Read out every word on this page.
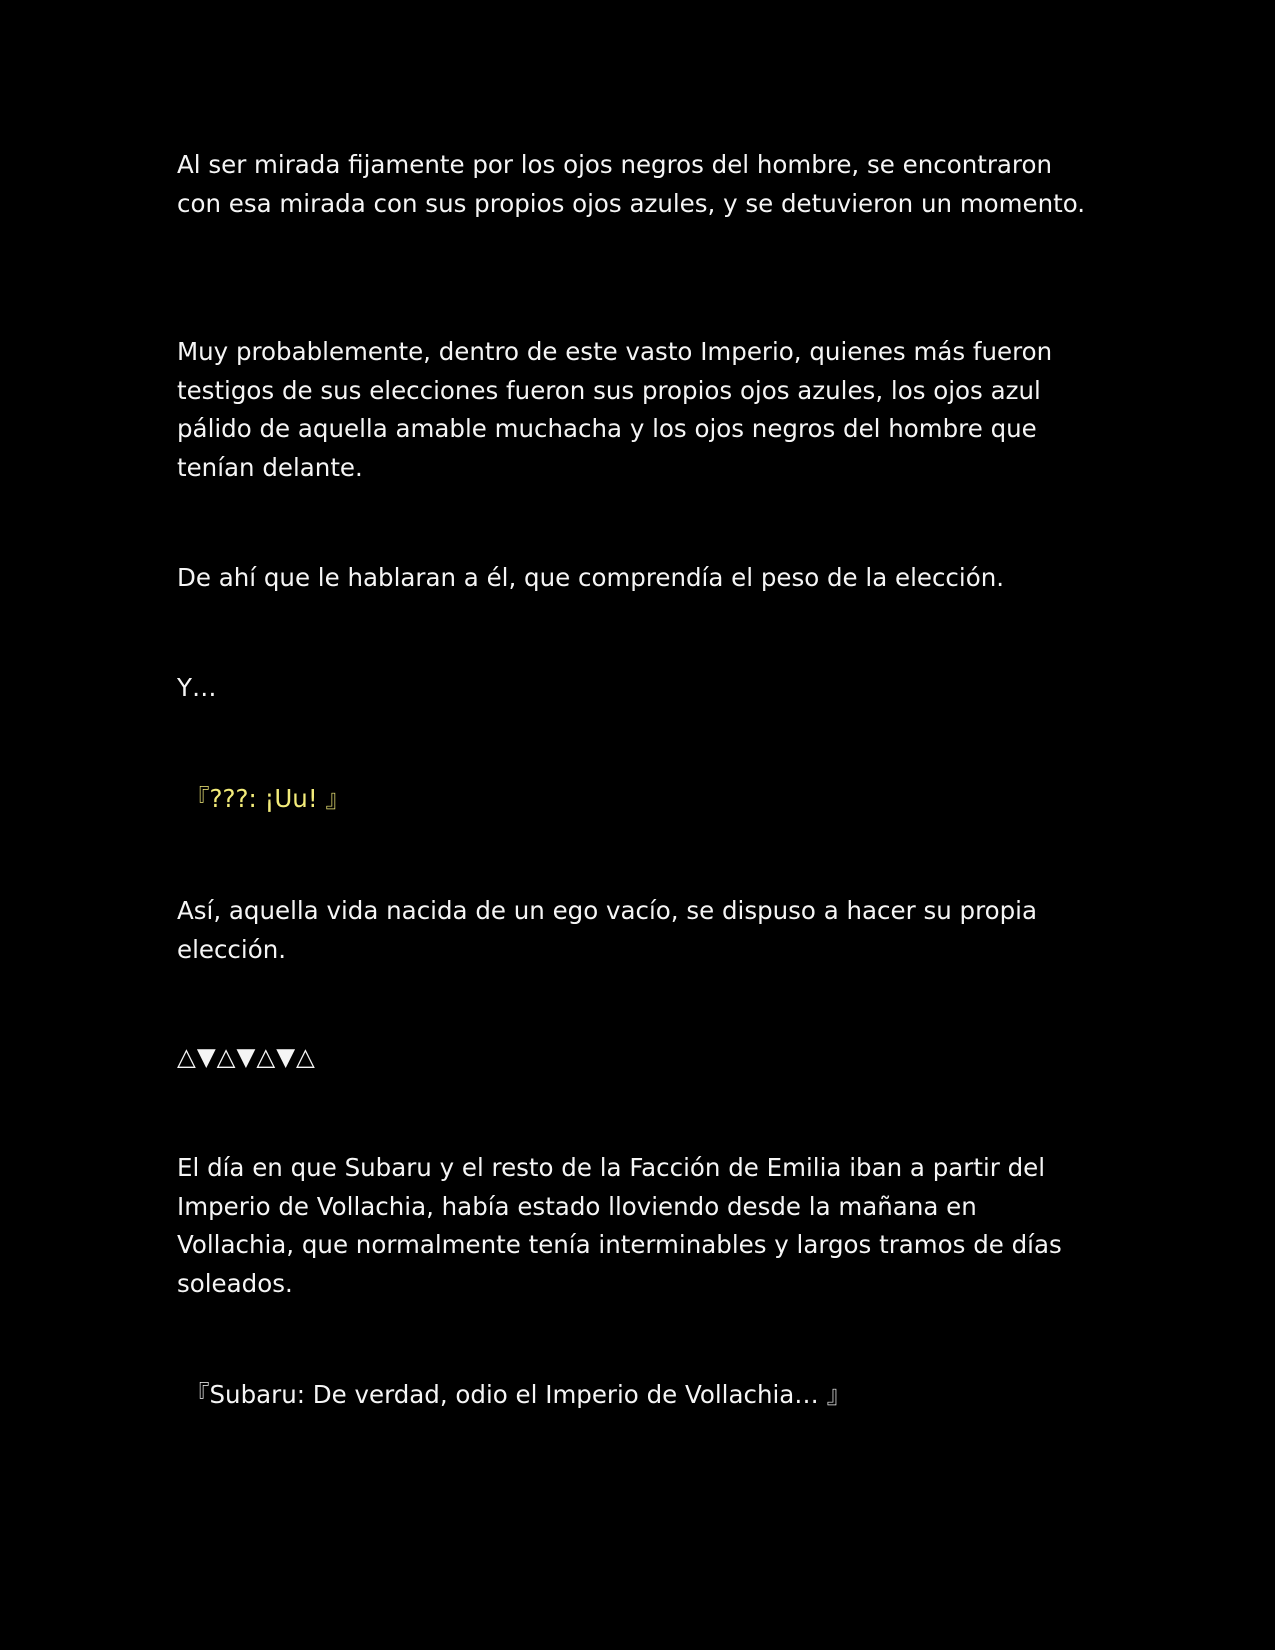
Al ser mirada fijamente por los ojos negros del hombre, se encontraron con esa mirada con sus propios ojos azules, y se detuvieron un momento.

Muy probablemente, dentro de este vasto Imperio, quienes más fueron testigos de sus elecciones fueron sus propios ojos azules, los ojos azul pálido de aquella amable muchacha y los ojos negros del hombre que tenían delante.

De ahí que le hablaran a él, que comprendía el peso de la elección.

Y…

『???: ¡Uu! 』

Así, aquella vida nacida de un ego vacío, se dispuso a hacer su propia elección.

△▼△▼△▼△

El día en que Subaru y el resto de la Facción de Emilia iban a partir del Imperio de Vollachia, había estado lloviendo desde la mañana en Vollachia, que normalmente tenía interminables y largos tramos de días soleados.

『Subaru: De verdad, odio el Imperio de Vollachia… 』
